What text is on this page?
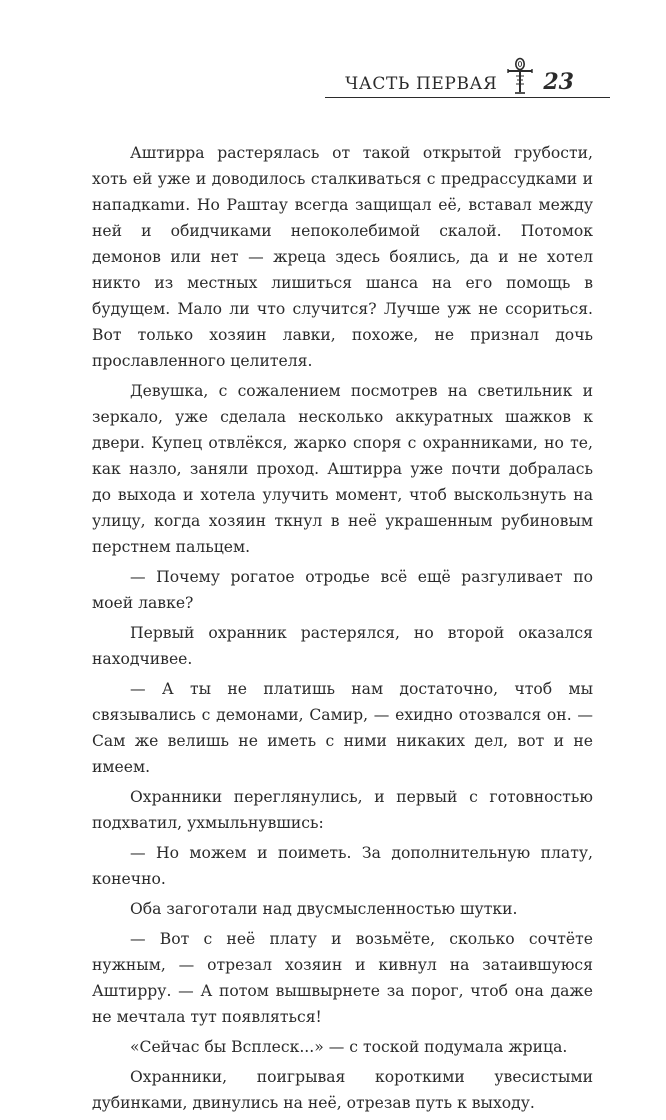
ЧАСТЬ ПЕРВАЯ 23

Аштирра растерялась от такой открытой грубости, хоть ей уже и доводилось сталкиваться с предрассудками и нападкаmи. Но Раштау всегда защищал её, вставал между ней и обидчиками непоколебимой скалой. Потомок демонов или нет — жреца здесь боялись, да и не хотел никто из местных лишиться шанса на его помощь в будущем. Мало ли что случится? Лучше уж не ссориться. Вот только хозяин лавки, похоже, не признал дочь прославленного целителя.

Девушка, с сожалением посмотрев на светильник и зеркало, уже сделала несколько аккуратных шажков к двери. Купец отвлёкся, жарко споря с охранниками, но те, как назло, заняли проход. Аштирра уже почти добралась до выхода и хотела улучить момент, чтоб выскользнуть на улицу, когда хозяин ткнул в неё украшенным рубиновым перстнем пальцем.

— Почему рогатое отродье всё ещё разгуливает по моей лавке?

Первый охранник растерялся, но второй оказался находчивее.

— А ты не платишь нам достаточно, чтоб мы связывались с демонами, Самир, — ехидно отозвался он. — Сам же велишь не иметь с ними никаких дел, вот и не имеем.

Охранники переглянулись, и первый с готовностью подхватил, ухмыльнувшись:

— Но можем и поиметь. За дополнительную плату, конечно.

Оба загоготали над двусмысленностью шутки.

— Вот с неё плату и возьмёте, сколько сочтёте нужным, — отрезал хозяин и кивнул на затаившуюся Аштирру. — А потом вышвырнете за порог, чтоб она даже не мечтала тут появляться!

«Сейчас бы Всплеск...» — с тоской подумала жрица.

Охранники, поигрывая короткими увесистыми дубинками, двинулись на неё, отрезав путь к выходу.
